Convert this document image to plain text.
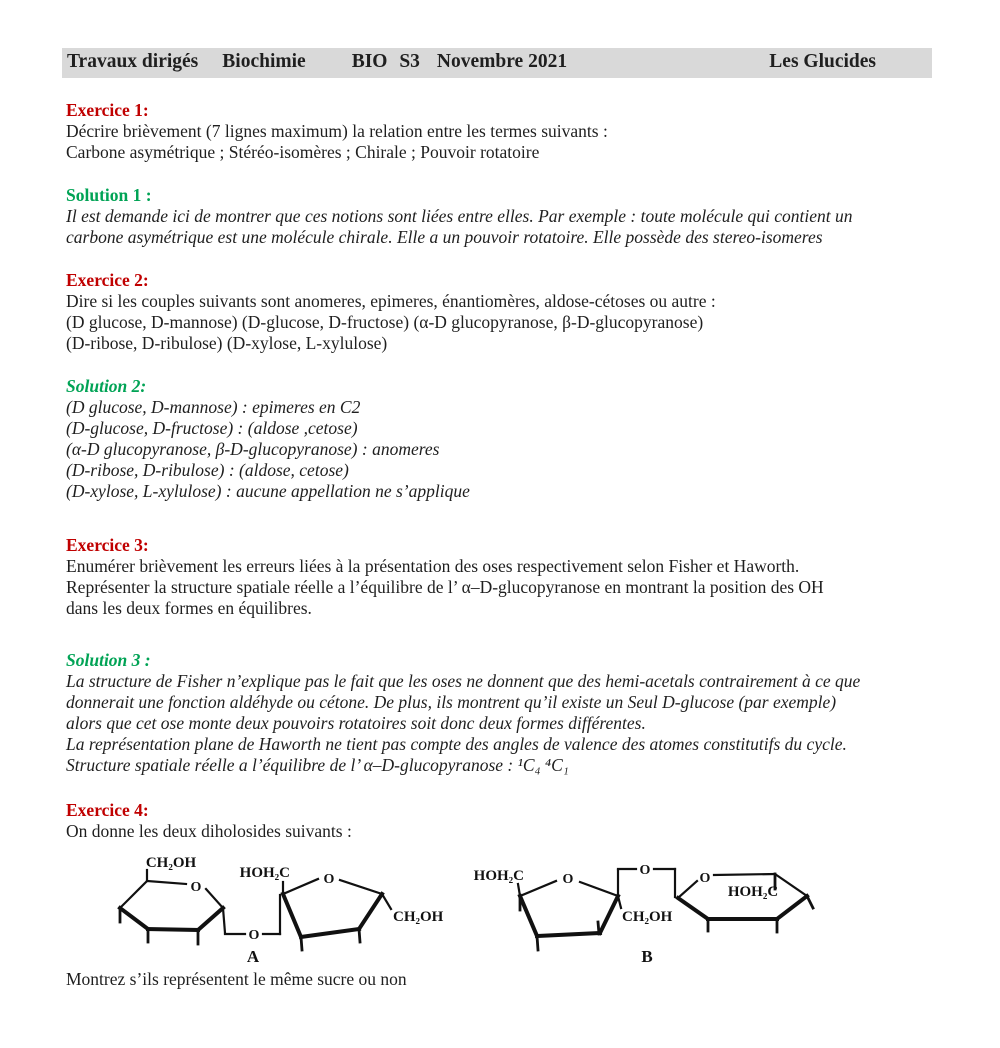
Travaux dirigés Biochimie BIO S3 Novembre 2021	Les Glucides
Exercice 1:
Décrire brièvement (7 lignes maximum) la relation entre les termes suivants :
Carbone asymétrique ; Stéréo-isomères ; Chirale ; Pouvoir rotatoire
Solution 1 :
Il est demande ici de montrer que ces notions sont liées entre elles. Par exemple : toute molécule qui contient un
carbone asymétrique est une molécule chirale. Elle a un pouvoir rotatoire. Elle possède des stereo-isomeres
Exercice 2:
Dire si les couples suivants sont anomeres, epimeres, énantiomères, aldose-cétoses ou autre :
(D glucose, D-mannose) (D-glucose, D-fructose) (α-D glucopyranose, β-D-glucopyranose)
(D-ribose, D-ribulose) (D-xylose, L-xylulose)
Solution 2:
(D glucose, D-mannose) : epimeres en C2
(D-glucose, D-fructose) : (aldose ,cetose)
(α-D glucopyranose, β-D-glucopyranose) : anomeres
(D-ribose, D-ribulose) : (aldose, cetose)
(D-xylose, L-xylulose) : aucune appellation ne s’applique
Exercice 3:
Enumérer brièvement les erreurs liées à la présentation des oses respectivement selon Fisher et Haworth.
Représenter la structure spatiale réelle a l’équilibre de l’ α–D-glucopyranose en montrant la position des OH
dans les deux formes en équilibres.
Solution 3 :
La structure de Fisher n’explique pas le fait que les oses ne donnent que des hemi-acetals contrairement à ce que
donnerait une fonction aldéhyde ou cétone. De plus, ils montrent qu’il existe un Seul D-glucose (par exemple)
alors que cet ose monte deux pouvoirs rotatoires soit donc deux formes différentes.
La représentation plane de Haworth ne tient pas compte des angles de valence des atomes constitutifs du cycle.
Structure spatiale réelle a l’équilibre de l’ α–D-glucopyranose : ¹C₄ ⁴C₁
Exercice 4:
On donne les deux diholosides suivants :
CH₂OH
O
O
HOH₂C O
CH₂OH
A
HOH₂C	O
CH₂OH
B
O
O
HOH₂C
Montrez s’ils représentent le même sucre ou non
